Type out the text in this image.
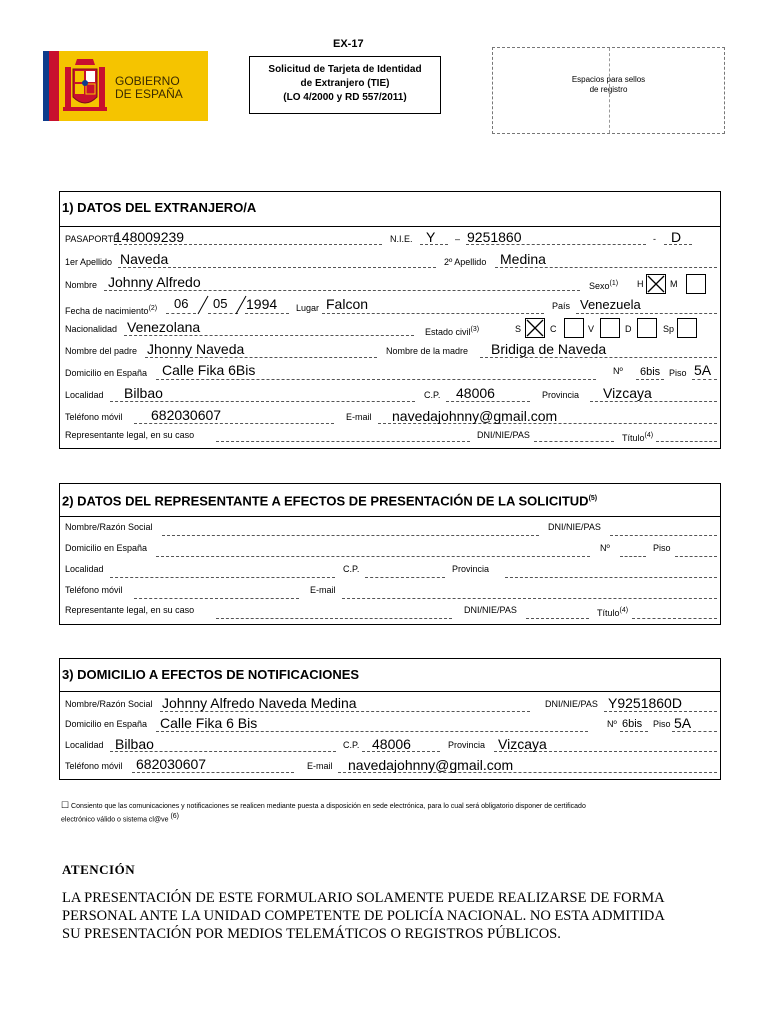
GOBIERNO
DE ESPAÑA
EX-17
Solicitud de Tarjeta de Identidad
de Extranjero (TIE)
(LO 4/2000 y RD 557/2011)
Espacios para sellos
de registro
1) DATOS DEL EXTRANJERO/A
PASAPORTE
148009239	N.I.E. Y – 9251860	- D
1er Apellido Naveda	2º Apellido Medina
Nombre Johnny Alfredo	Sexo$^{(1)}$ H	M
Fecha de nacimiento$^{(2)}$ 06 05 1994 Lugar Falcon	País Venezuela
Nacionalidad Venezolana	Estado civil$^{(3)}$	S	C	V	D	Sp
Nombre del padre Jhonny Naveda	Nombre de la madre Bridiga de Naveda
Domicilio en España Calle Fika 6Bis	Nº 6bis Piso 5A
Localidad Bilbao	C.P. 48006	Provincia Vizcaya
Teléfono móvil 682030607	E-mail navedajohnny@gmail.com
Representante legal, en su caso	DNI/NIE/PAS	Título$^{(4)}$
2) DATOS DEL REPRESENTANTE A EFECTOS DE PRESENTACIÓN DE LA SOLICITUD$^{(5)}$
Nombre/Razón Social	DNI/NIE/PAS
Domicilio en España	Nº	Piso
Localidad	C.P.	Provincia
Teléfono móvil	E-mail
Representante legal, en su caso	DNI/NIE/PAS	Título$^{(4)}$
3) DOMICILIO A EFECTOS DE NOTIFICACIONES
Nombre/Razón Social Johnny Alfredo Naveda Medina	DNI/NIE/PAS Y9251860D
Domicilio en España Calle Fika 6 Bis	Nº 6bis Piso 5A
Localidad Bilbao	C.P. 48006	Provincia Vizcaya
Teléfono móvil 682030607	E-mail navedajohnny@gmail.com
☐ Consiento que las comunicaciones y notificaciones se realicen mediante puesta a disposición en sede electrónica, para lo cual será obligatorio disponer de certificado
electrónico válido o sistema cl@ve (6)
ATENCIÓN
LA PRESENTACIÓN DE ESTE FORMULARIO SOLAMENTE PUEDE REALIZARSE DE FORMA
PERSONAL ANTE LA UNIDAD COMPETENTE DE POLICÍA NACIONAL. NO ESTA ADMITIDA
SU PRESENTACIÓN POR MEDIOS TELEMÁTICOS O REGISTROS PÚBLICOS.
